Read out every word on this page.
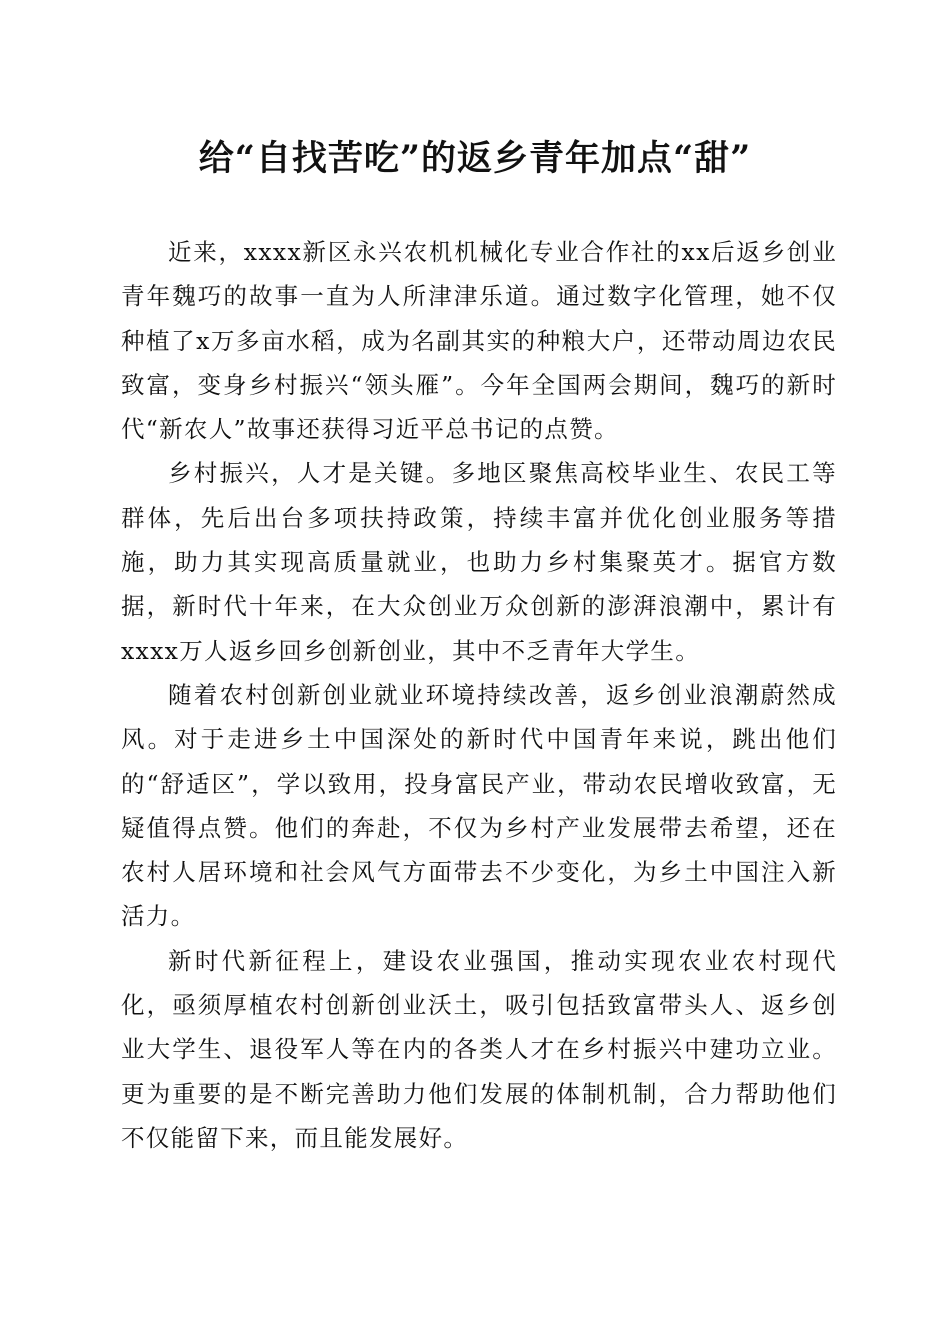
给“自找苦吃”的返乡青年加点“甜”

近来，xxxx新区永兴农机机械化专业合作社的xx后返乡创业青年魏巧的故事一直为人所津津乐道。通过数字化管理，她不仅种植了x万多亩水稻，成为名副其实的种粮大户，还带动周边农民致富，变身乡村振兴“领头雁”。今年全国两会期间，魏巧的新时代“新农人”故事还获得习近平总书记的点赞。

乡村振兴，人才是关键。多地区聚焦高校毕业生、农民工等群体，先后出台多项扶持政策，持续丰富并优化创业服务等措施，助力其实现高质量就业，也助力乡村集聚英才。据官方数据，新时代十年来，在大众创业万众创新的澎湃浪潮中，累计有xxxx万人返乡回乡创新创业，其中不乏青年大学生。

随着农村创新创业就业环境持续改善，返乡创业浪潮蔚然成风。对于走进乡土中国深处的新时代中国青年来说，跳出他们的“舒适区”，学以致用，投身富民产业，带动农民增收致富，无疑值得点赞。他们的奔赴，不仅为乡村产业发展带去希望，还在农村人居环境和社会风气方面带去不少变化，为乡土中国注入新活力。

新时代新征程上，建设农业强国，推动实现农业农村现代化，亟须厚植农村创新创业沃土，吸引包括致富带头人、返乡创业大学生、退役军人等在内的各类人才在乡村振兴中建功立业。更为重要的是不断完善助力他们发展的体制机制，合力帮助他们不仅能留下来，而且能发展好。
